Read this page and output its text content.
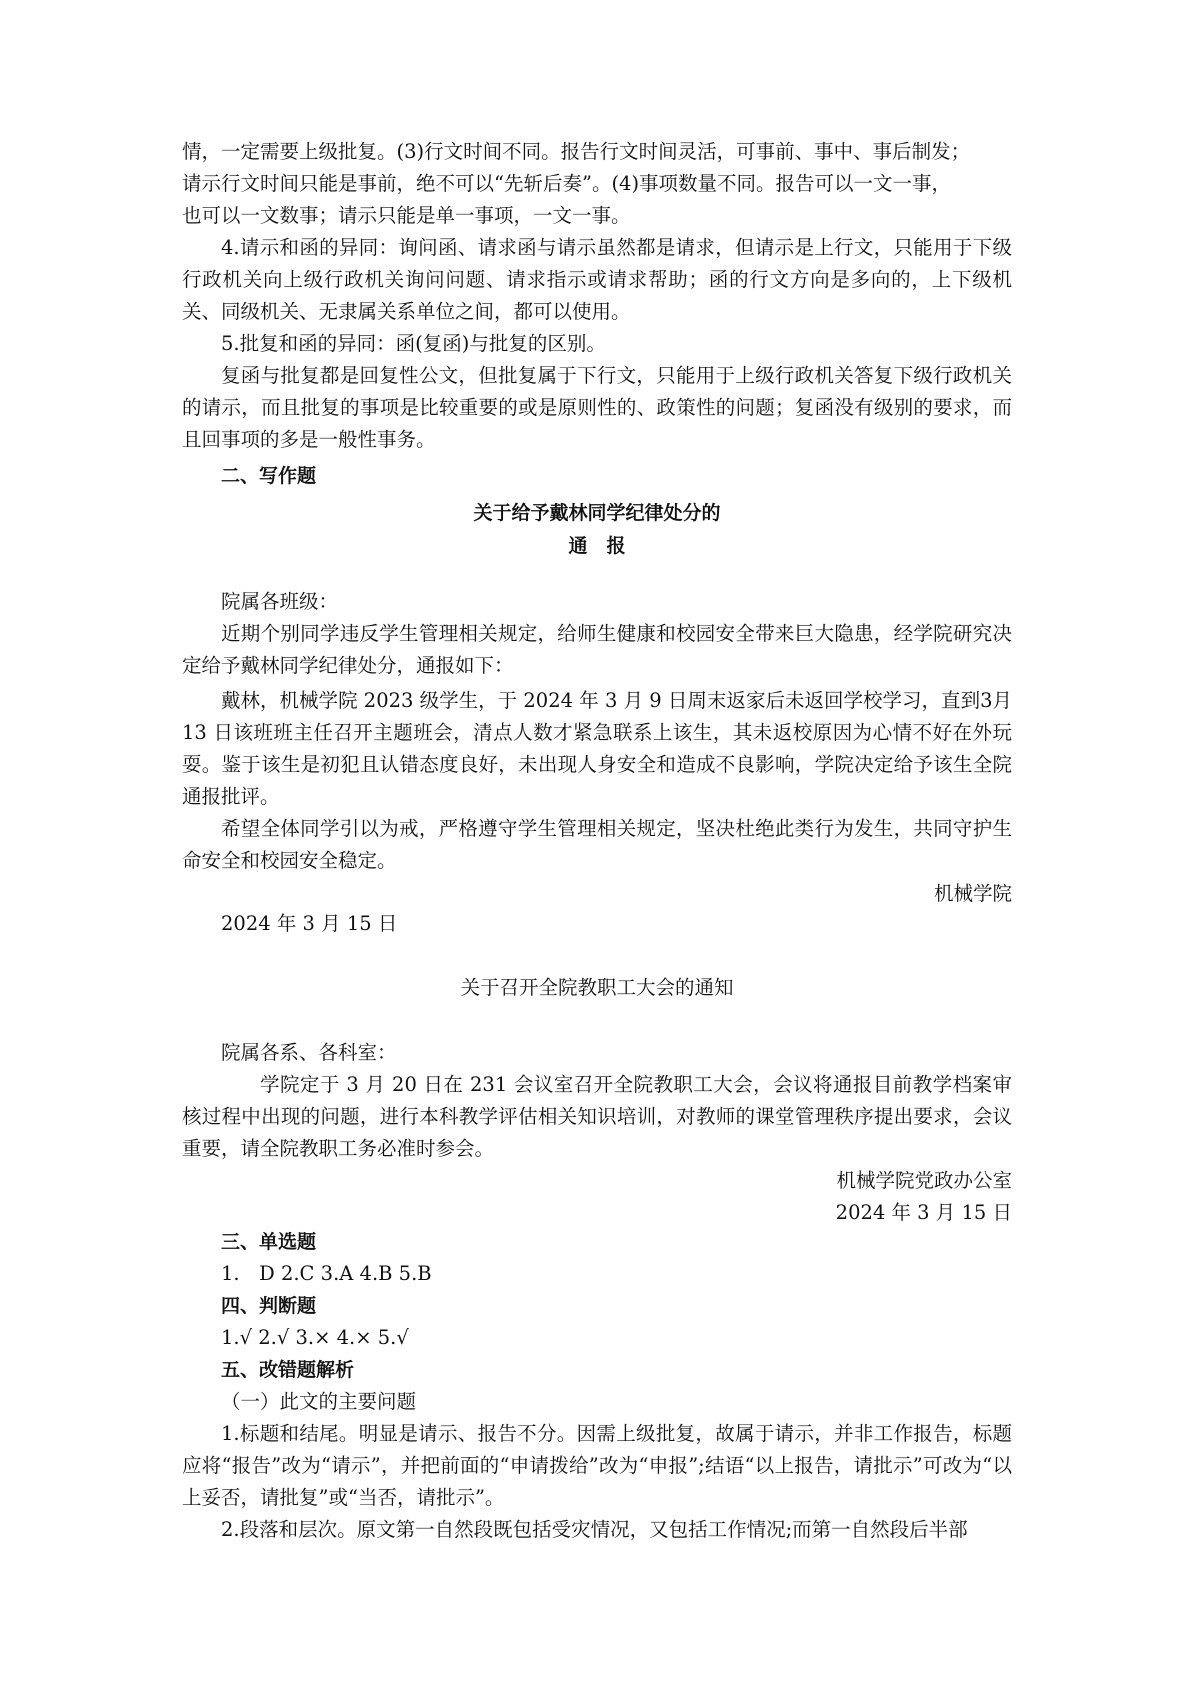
情，一定需要上级批复。(3)行文时间不同。报告行文时间灵活，可事前、事中、事后制发；

请示行文时间只能是事前，绝不可以“先斩后奏”。(4)事项数量不同。报告可以一文一事，

也可以一文数事；请示只能是单一事项，一文一事。

4.请示和函的异同：询问函、请求函与请示虽然都是请求，但请示是上行文，只能用于下级行政机关向上级行政机关询问问题、请求指示或请求帮助；函的行文方向是多向的，上下级机关、同级机关、无隶属关系单位之间，都可以使用。

5.批复和函的异同：函(复函)与批复的区别。

复函与批复都是回复性公文，但批复属于下行文，只能用于上级行政机关答复下级行政机关的请示，而且批复的事项是比较重要的或是原则性的、政策性的问题；复函没有级别的要求，而且回事项的多是一般性事务。

二、写作题

关于给予戴林同学纪律处分的

通　报

院属各班级：

近期个别同学违反学生管理相关规定，给师生健康和校园安全带来巨大隐患，经学院研究决定给予戴林同学纪律处分，通报如下：

戴林，机械学院 2023 级学生，于 2024 年 3 月 9 日周末返家后未返回学校学习，直到3月 13 日该班班主任召开主题班会，清点人数才紧急联系上该生，其未返校原因为心情不好在外玩耍。鉴于该生是初犯且认错态度良好，未出现人身安全和造成不良影响，学院决定给予该生全院通报批评。

希望全体同学引以为戒，严格遵守学生管理相关规定，坚决杜绝此类行为发生，共同守护生命安全和校园安全稳定。

机械学院

2024 年 3 月 15 日

关于召开全院教职工大会的通知

院属各系、各科室：

学院定于 3 月 20 日在 231 会议室召开全院教职工大会，会议将通报目前教学档案审核过程中出现的问题，进行本科教学评估相关知识培训，对教师的课堂管理秩序提出要求，会议重要，请全院教职工务必准时参会。

机械学院党政办公室

2024 年 3 月 15 日

三、单选题

1.　D 2.C 3.A 4.B 5.B

四、判断题

1.√ 2.√ 3.× 4.× 5.√

五、改错题解析

（一）此文的主要问题

1.标题和结尾。明显是请示、报告不分。因需上级批复，故属于请示，并非工作报告，标题应将“报告”改为“请示”，并把前面的“申请拨给”改为“申报”;结语“以上报告，请批示”可改为“以上妥否，请批复”或“当否，请批示”。

2.段落和层次。原文第一自然段既包括受灾情况，又包括工作情况;而第一自然段后半部
